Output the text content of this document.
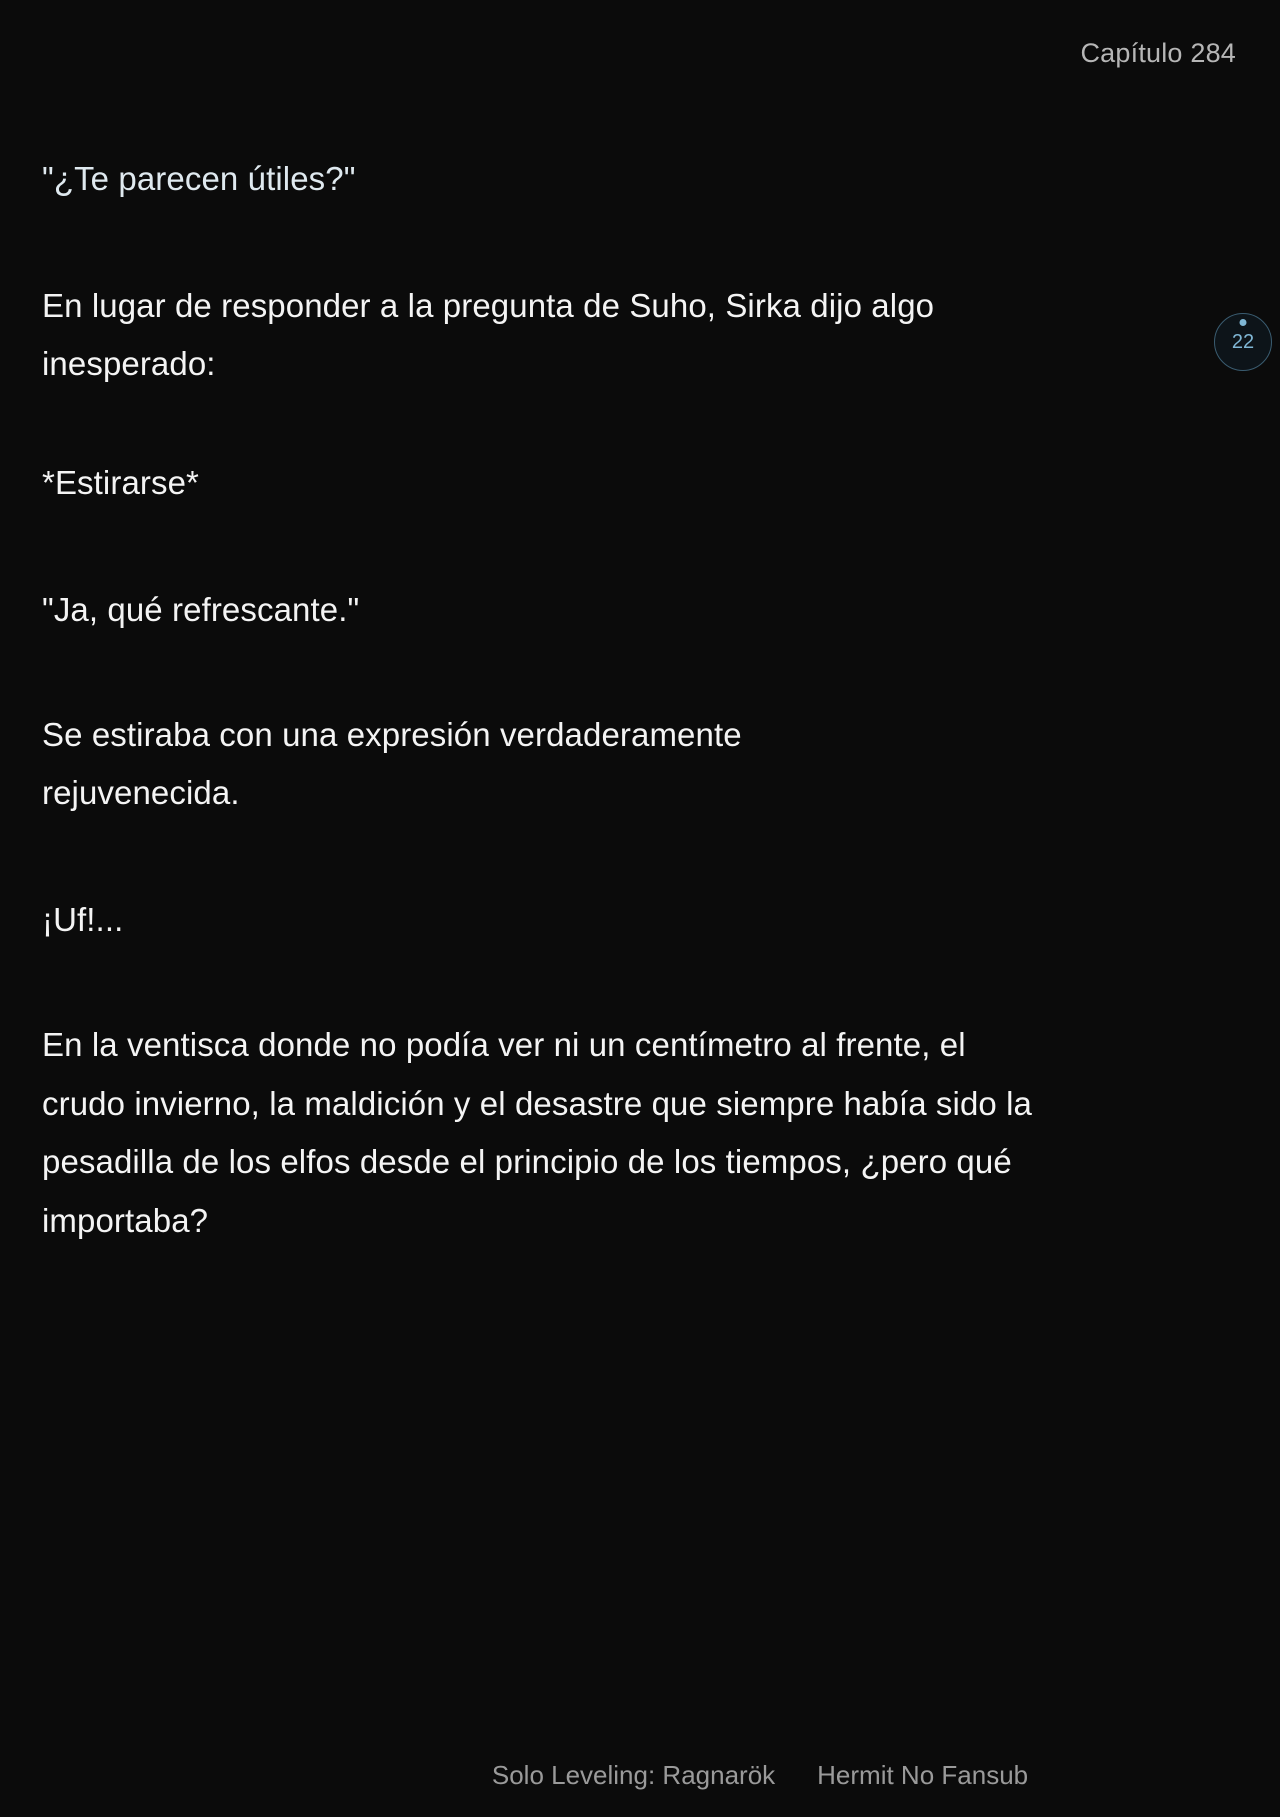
Capítulo 284

"¿Te parecen útiles?"

En lugar de responder a la pregunta de Suho, Sirka dijo algo inesperado:

*Estirarse*

"Ja, qué refrescante."

Se estiraba con una expresión verdaderamente rejuvenecida.

¡Uf!...

En la ventisca donde no podía ver ni un centímetro al frente, el crudo invierno, la maldición y el desastre que siempre había sido la pesadilla de los elfos desde el principio de los tiempos, ¿pero qué importaba?

22
Solo Leveling: Ragnarök Hermit No Fansub
